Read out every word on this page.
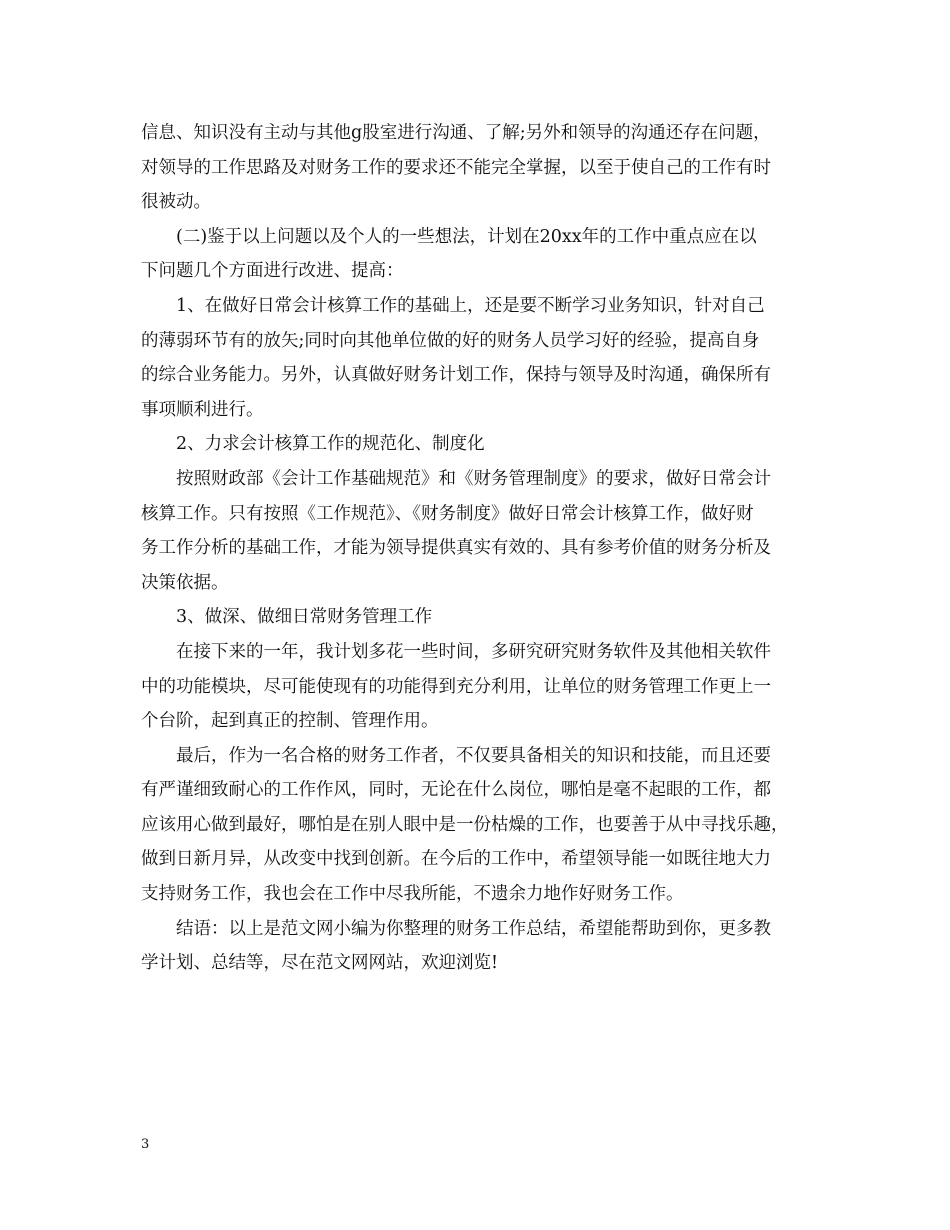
信息、知识没有主动与其他g股室进行沟通、了解;另外和领导的沟通还存在问题，
对领导的工作思路及对财务工作的要求还不能完全掌握，以至于使自己的工作有时
很被动。
(二)鉴于以上问题以及个人的一些想法，计划在20xx年的工作中重点应在以
下问题几个方面进行改进、提高：
1、在做好日常会计核算工作的基础上，还是要不断学习业务知识，针对自己
的薄弱环节有的放矢;同时向其他单位做的好的财务人员学习好的经验，提高自身
的综合业务能力。另外，认真做好财务计划工作，保持与领导及时沟通，确保所有
事项顺利进行。
2、力求会计核算工作的规范化、制度化
按照财政部《会计工作基础规范》和《财务管理制度》的要求，做好日常会计
核算工作。只有按照《工作规范》、《财务制度》做好日常会计核算工作，做好财
务工作分析的基础工作，才能为领导提供真实有效的、具有参考价值的财务分析及
决策依据。
3、做深、做细日常财务管理工作
在接下来的一年，我计划多花一些时间，多研究研究财务软件及其他相关软件
中的功能模块，尽可能使现有的功能得到充分利用，让单位的财务管理工作更上一
个台阶，起到真正的控制、管理作用。
最后，作为一名合格的财务工作者，不仅要具备相关的知识和技能，而且还要
有严谨细致耐心的工作作风，同时，无论在什么岗位，哪怕是毫不起眼的工作，都
应该用心做到最好，哪怕是在别人眼中是一份枯燥的工作，也要善于从中寻找乐趣，
做到日新月异，从改变中找到创新。在今后的工作中，希望领导能一如既往地大力
支持财务工作，我也会在工作中尽我所能，不遗余力地作好财务工作。
结语：以上是范文网小编为你整理的财务工作总结，希望能帮助到你，更多教
学计划、总结等，尽在范文网网站，欢迎浏览!
3
